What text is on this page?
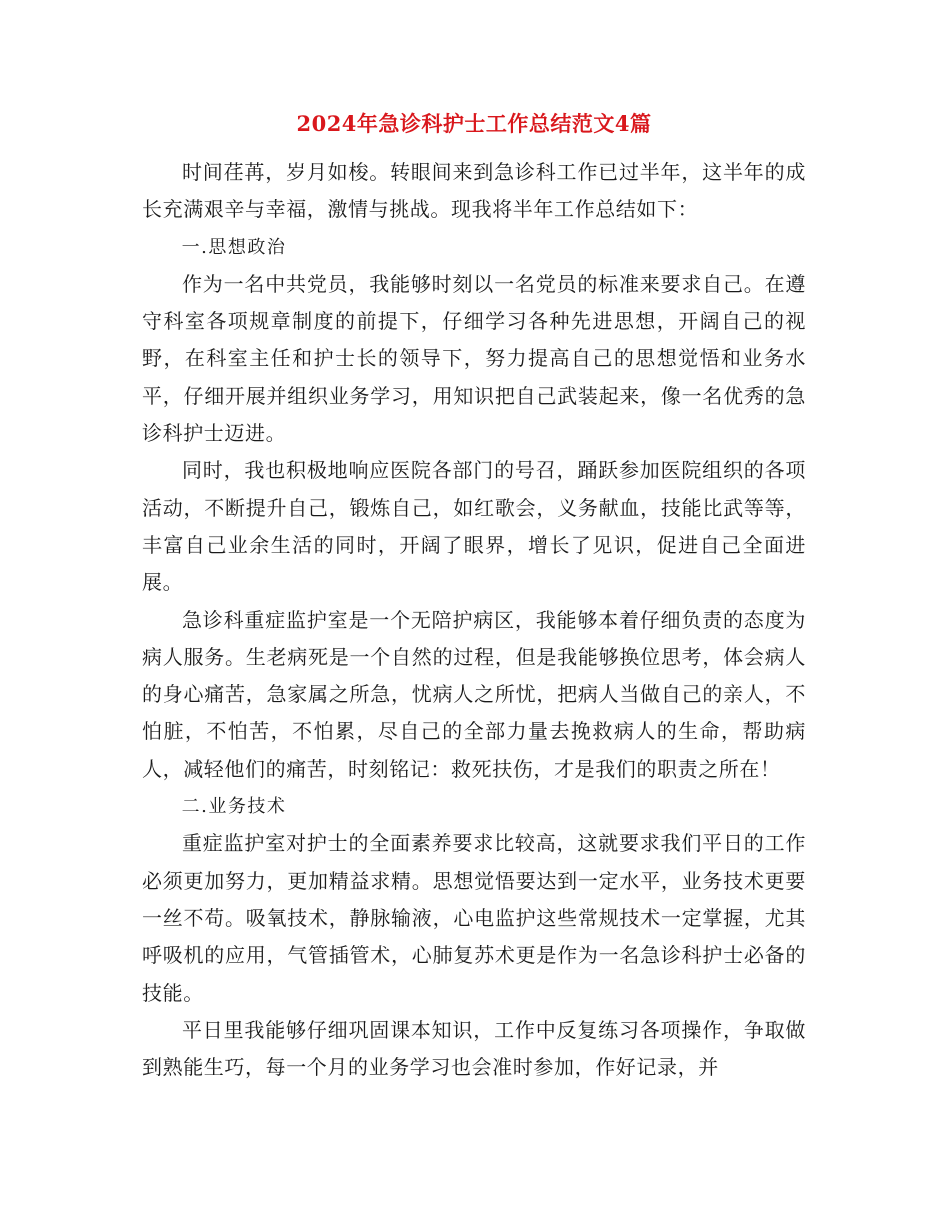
2024年急诊科护士工作总结范文4篇

时间荏苒，岁月如梭。转眼间来到急诊科工作已过半年，这半年的成长充满艰辛与幸福，激情与挑战。现我将半年工作总结如下：

一.思想政治

作为一名中共党员，我能够时刻以一名党员的标准来要求自己。在遵守科室各项规章制度的前提下，仔细学习各种先进思想，开阔自己的视野，在科室主任和护士长的领导下，努力提高自己的思想觉悟和业务水平，仔细开展并组织业务学习，用知识把自己武装起来，像一名优秀的急诊科护士迈进。

同时，我也积极地响应医院各部门的号召，踊跃参加医院组织的各项活动，不断提升自己，锻炼自己，如红歌会，义务献血，技能比武等等，丰富自己业余生活的同时，开阔了眼界，增长了见识，促进自己全面进展。

急诊科重症监护室是一个无陪护病区，我能够本着仔细负责的态度为病人服务。生老病死是一个自然的过程，但是我能够换位思考，体会病人的身心痛苦，急家属之所急，忧病人之所忧，把病人当做自己的亲人，不怕脏，不怕苦，不怕累，尽自己的全部力量去挽救病人的生命，帮助病人，减轻他们的痛苦，时刻铭记：救死扶伤，才是我们的职责之所在！

二.业务技术

重症监护室对护士的全面素养要求比较高，这就要求我们平日的工作必须更加努力，更加精益求精。思想觉悟要达到一定水平，业务技术更要一丝不苟。吸氧技术，静脉输液，心电监护这些常规技术一定掌握，尤其呼吸机的应用，气管插管术，心肺复苏术更是作为一名急诊科护士必备的技能。

平日里我能够仔细巩固课本知识，工作中反复练习各项操作，争取做到熟能生巧，每一个月的业务学习也会准时参加，作好记录，并
